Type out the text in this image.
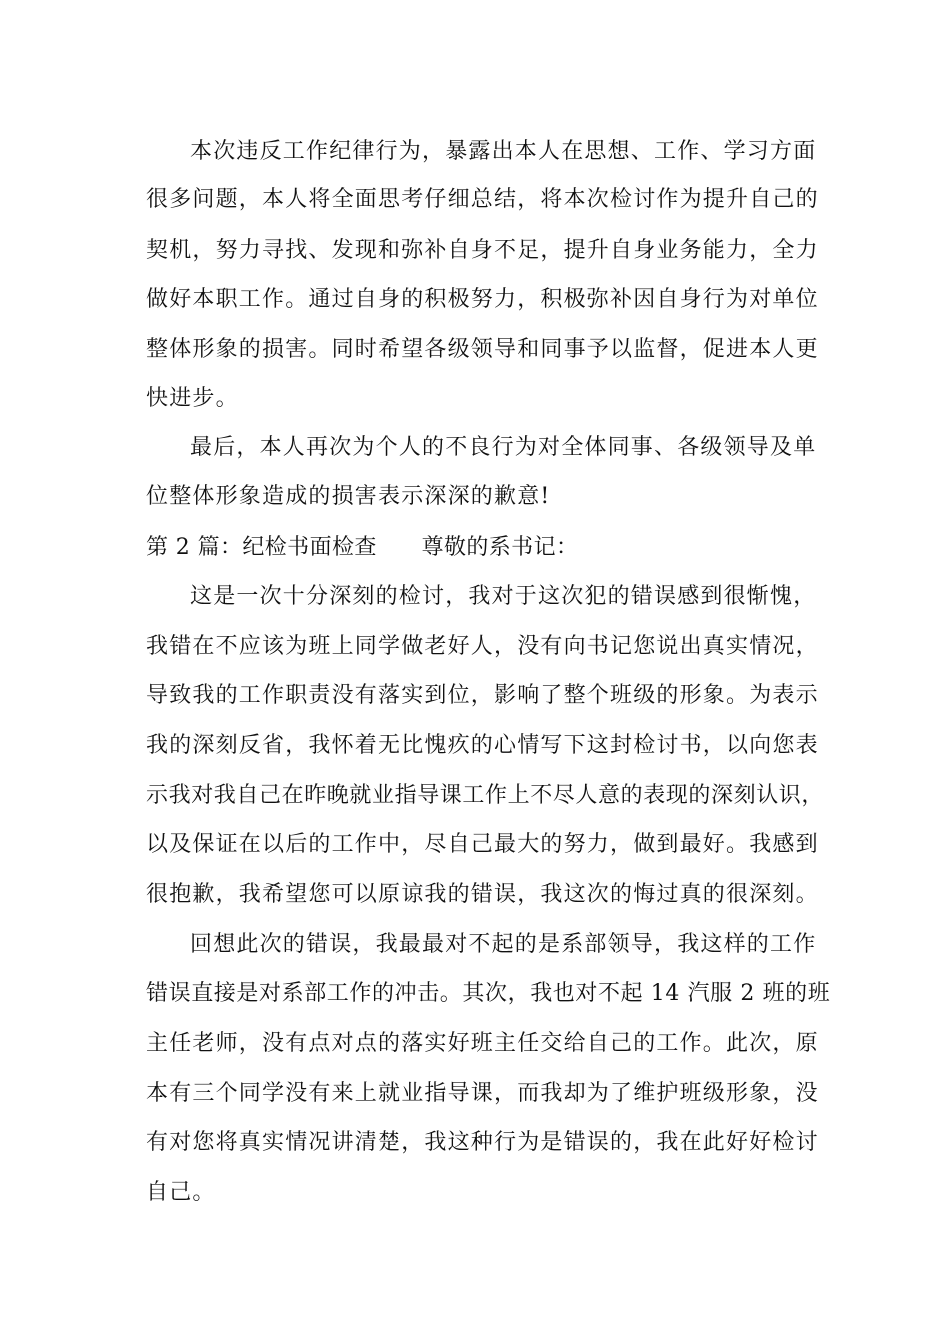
本次违反工作纪律行为，暴露出本人在思想、工作、学习方面
很多问题，本人将全面思考仔细总结，将本次检讨作为提升自己的
契机，努力寻找、发现和弥补自身不足，提升自身业务能力，全力
做好本职工作。通过自身的积极努力，积极弥补因自身行为对单位
整体形象的损害。同时希望各级领导和同事予以监督，促进本人更
快进步。
最后，本人再次为个人的不良行为对全体同事、各级领导及单
位整体形象造成的损害表示深深的歉意!
第 2 篇：纪检书面检查　　尊敬的系书记：
这是一次十分深刻的检讨，我对于这次犯的错误感到很惭愧，
我错在不应该为班上同学做老好人，没有向书记您说出真实情况，
导致我的工作职责没有落实到位，影响了整个班级的形象。为表示
我的深刻反省，我怀着无比愧疚的心情写下这封检讨书，以向您表
示我对我自己在昨晚就业指导课工作上不尽人意的表现的深刻认识，
以及保证在以后的工作中，尽自己最大的努力，做到最好。我感到
很抱歉，我希望您可以原谅我的错误，我这次的悔过真的很深刻。
回想此次的错误，我最最对不起的是系部领导，我这样的工作
错误直接是对系部工作的冲击。其次，我也对不起 14 汽服 2 班的班
主任老师，没有点对点的落实好班主任交给自己的工作。此次，原
本有三个同学没有来上就业指导课，而我却为了维护班级形象，没
有对您将真实情况讲清楚，我这种行为是错误的，我在此好好检讨
自己。
